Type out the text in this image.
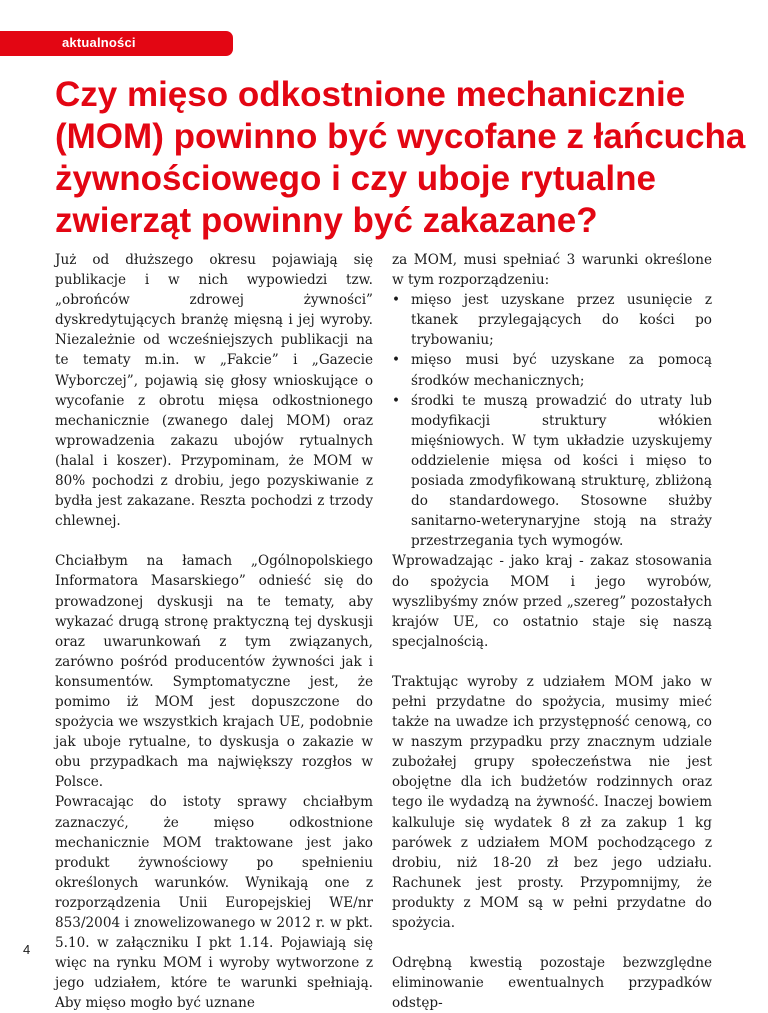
aktualności
Czy mięso odkostnione mechanicznie (MOM) powinno być wycofane z łańcucha żywnościowego i czy uboje rytualne zwierząt powinny być zakazane?

Już od dłuższego okresu pojawiają się publikacje i w nich wypowiedzi tzw. „obrońców zdrowej żywności” dyskredytujących branżę mięsną i jej wyroby. Niezależnie od wcześniejszych publikacji na te tematy m.in. w „Fakcie” i „Gazecie Wyborczej”, pojawią się głosy wnioskujące o wycofanie z obrotu mięsa odkostnionego mechanicznie (zwanego dalej MOM) oraz wprowadzenia zakazu ubojów rytualnych (halal i koszer). Przypominam, że MOM w 80% pochodzi z drobiu, jego pozyskiwanie z bydła jest zakazane. Reszta pochodzi z trzody chlewnej.

Chciałbym na łamach „Ogólnopolskiego Informatora Masarskiego” odnieść się do prowadzonej dyskusji na te tematy, aby wykazać drugą stronę praktyczną tej dyskusji oraz uwarunkowań z tym związanych, zarówno pośród producentów żywności jak i konsumentów. Symptomatyczne jest, że pomimo iż MOM jest dopuszczone do spożycia we wszystkich krajach UE, podobnie jak uboje rytualne, to dyskusja o zakazie w obu przypadkach ma największy rozgłos w Polsce.

Powracając do istoty sprawy chciałbym zaznaczyć, że mięso odkostnione mechanicznie MOM traktowane jest jako produkt żywnościowy po spełnieniu określonych warunków. Wynikają one z rozporządzenia Unii Europejskiej WE/nr 853/2004 i znowelizowanego w 2012 r. w pkt. 5.10. w załączniku I pkt 1.14. Pojawiają się więc na rynku MOM i wyroby wytworzone z jego udziałem, które te warunki spełniają. Aby mięso mogło być uznane

za MOM, musi spełniać 3 warunki określone w tym rozporządzeniu:

• mięso jest uzyskane przez usunięcie z tkanek przylegających do kości po trybowaniu;
• mięso musi być uzyskane za pomocą środków mechanicznych;
• środki te muszą prowadzić do utraty lub modyfikacji struktury włókien mięśniowych. W tym układzie uzyskujemy oddzielenie mięsa od kości i mięso to posiada zmodyfikowaną strukturę, zbliżoną do standardowego. Stosowne służby sanitarno-weterynaryjne stoją na straży przestrzegania tych wymogów.

Wprowadzając - jako kraj - zakaz stosowania do spożycia MOM i jego wyrobów, wyszlibyśmy znów przed „szereg” pozostałych krajów UE, co ostatnio staje się naszą specjalnością.

Traktując wyroby z udziałem MOM jako w pełni przydatne do spożycia, musimy mieć także na uwadze ich przystępność cenową, co w naszym przypadku przy znacznym udziale zubożałej grupy społeczeństwa nie jest obojętne dla ich budżetów rodzinnych oraz tego ile wydadzą na żywność. Inaczej bowiem kalkuluje się wydatek 8 zł za zakup 1 kg parówek z udziałem MOM pochodzącego z drobiu, niż 18-20 zł bez jego udziału. Rachunek jest prosty. Przypomnijmy, że produkty z MOM są w pełni przydatne do spożycia.

Odrębną kwestią pozostaje bezwzględne eliminowanie ewentualnych przypadków odstęp-

4
